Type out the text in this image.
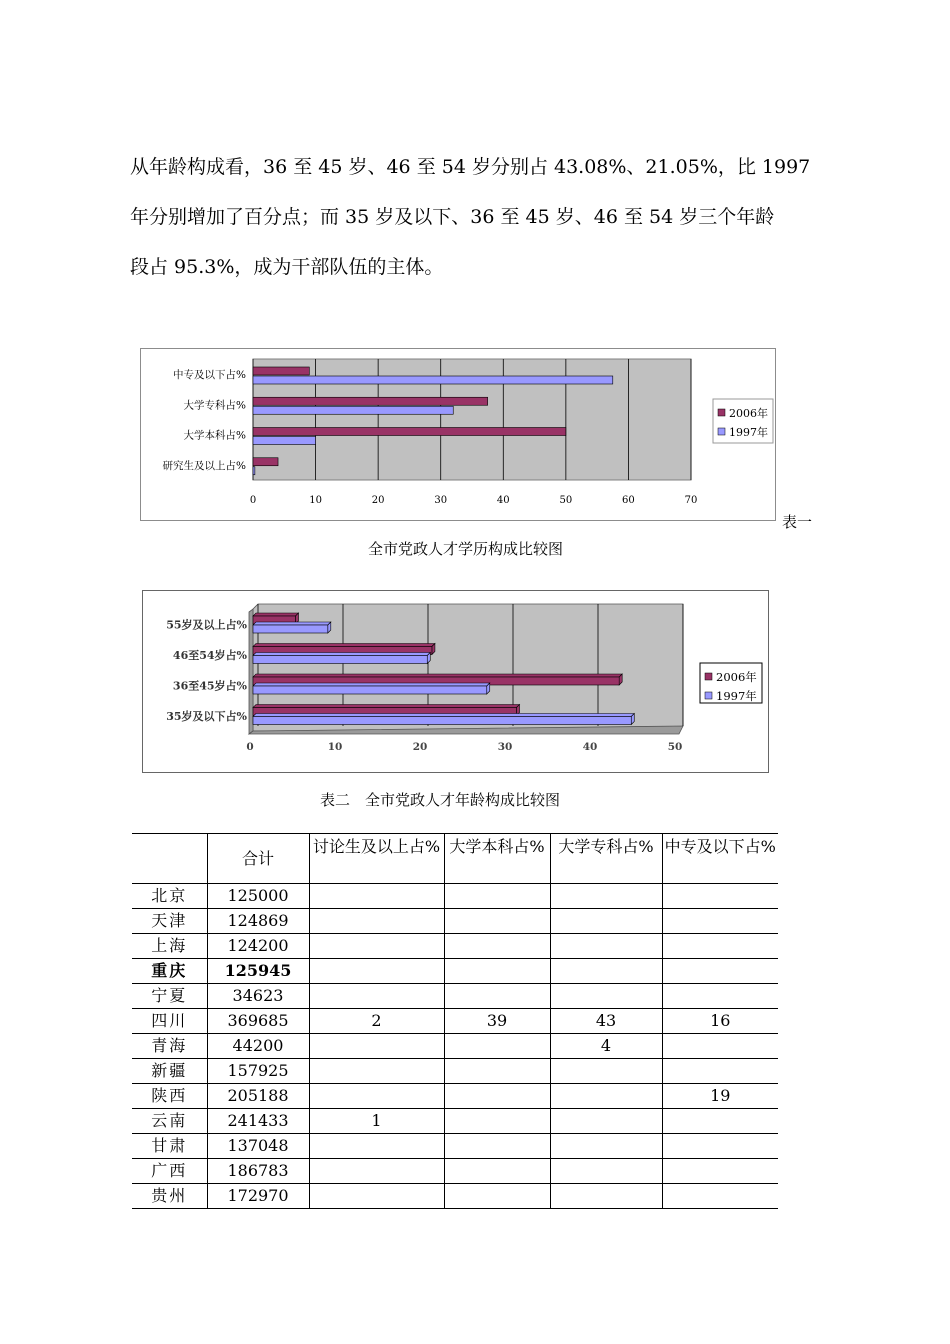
从年龄构成看，36 至 45 岁、46 至 54 岁分别占 43.08%、21.05%，比 1997

年分别增加了百分点；而 35 岁及以下、36 至 45 岁、46 至 54 岁三个年龄

段占 95.3%，成为干部队伍的主体。

0	10	20	30	40	50	60	70
中专及以下占%
大学专科占%
大学本科占%
研究生及以上占%
2006年
1997年
表一
全市党政人才学历构成比较图
0	10	20	30	40	50
55岁及以上占%
46至54岁占%
36至45岁占%
35岁及以下占%
2006年
1997年
表二　全市党政人才年龄构成比较图
	合计	讨论生及以上占%	大学本科占%	大学专科占%	中专及以下占%
北京	125000				
天津	124869				
上海	124200				
重庆	125945				
宁夏	34623				
四川	369685	2	39	43	16
青海	44200			4	
新疆	157925				
陕西	205188				19
云南	241433	1			
甘肃	137048				
广西	186783				
贵州	172970				
